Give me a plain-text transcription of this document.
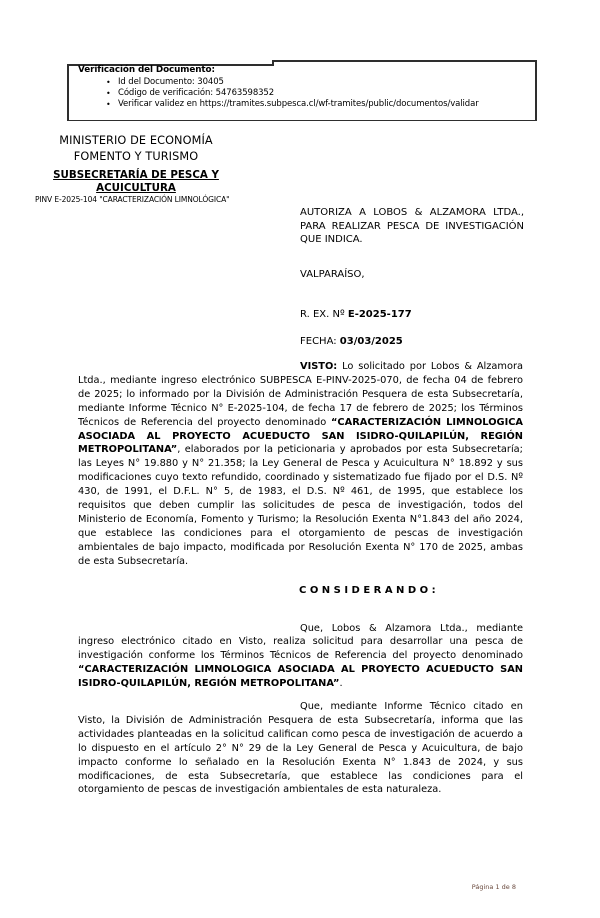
Verificación del Documento:
• Id del Documento: 30405
• Código de verificación: 54763598352
• Verificar validez en https://tramites.subpesca.cl/wf-tramites/public/documentos/validar
MINISTERIO DE ECONOMÍA
FOMENTO Y TURISMO
SUBSECRETARÍA DE PESCA Y
ACUICULTURA
PINV E-2025-104 "CARACTERIZACIÓN LIMNOLÓGICA"
AUTORIZA A LOBOS & ALZAMORA LTDA., PARA REALIZAR PESCA DE INVESTIGACIÓN QUE INDICA.
VALPARAÍSO,
R. EX. Nº E-2025-177
FECHA: 03/03/2025

VISTO: Lo solicitado por Lobos & Alzamora Ltda., mediante ingreso electrónico SUBPESCA E-PINV-2025-070, de fecha 04 de febrero de 2025; lo informado por la División de Administración Pesquera de esta Subsecretaría, mediante Informe Técnico N° E-2025-104, de fecha 17 de febrero de 2025; los Términos Técnicos de Referencia del proyecto denominado “CARACTERIZACIÓN LIMNOLOGICA ASOCIADA AL PROYECTO ACUEDUCTO SAN ISIDRO-QUILAPILÚN, REGIÓN METROPOLITANA”, elaborados por la peticionaria y aprobados por esta Subsecretaría; las Leyes N° 19.880 y N° 21.358; la Ley General de Pesca y Acuicultura N° 18.892 y sus modificaciones cuyo texto refundido, coordinado y sistematizado fue fijado por el D.S. Nº 430, de 1991, el D.F.L. N° 5, de 1983, el D.S. Nº 461, de 1995, que establece los requisitos que deben cumplir las solicitudes de pesca de investigación, todos del Ministerio de Economía, Fomento y Turismo; la Resolución Exenta N°1.843 del año 2024, que establece las condiciones para el otorgamiento de pescas de investigación ambientales de bajo impacto, modificada por Resolución Exenta N° 170 de 2025, ambas de esta Subsecretaría.

C O N S I D E R A N D O :

Que, Lobos & Alzamora Ltda., mediante ingreso electrónico citado en Visto, realiza solicitud para desarrollar una pesca de investigación conforme los Términos Técnicos de Referencia del proyecto denominado “CARACTERIZACIÓN LIMNOLOGICA ASOCIADA AL PROYECTO ACUEDUCTO SAN ISIDRO-QUILAPILÚN, REGIÓN METROPOLITANA”.

Que, mediante Informe Técnico citado en Visto, la División de Administración Pesquera de esta Subsecretaría, informa que las actividades planteadas en la solicitud califican como pesca de investigación de acuerdo a lo dispuesto en el artículo 2° N° 29 de la Ley General de Pesca y Acuicultura, de bajo impacto conforme lo señalado en la Resolución Exenta N° 1.843 de 2024, y sus modificaciones, de esta Subsecretaría, que establece las condiciones para el otorgamiento de pescas de investigación ambientales de esta naturaleza.

Página 1 de 8
